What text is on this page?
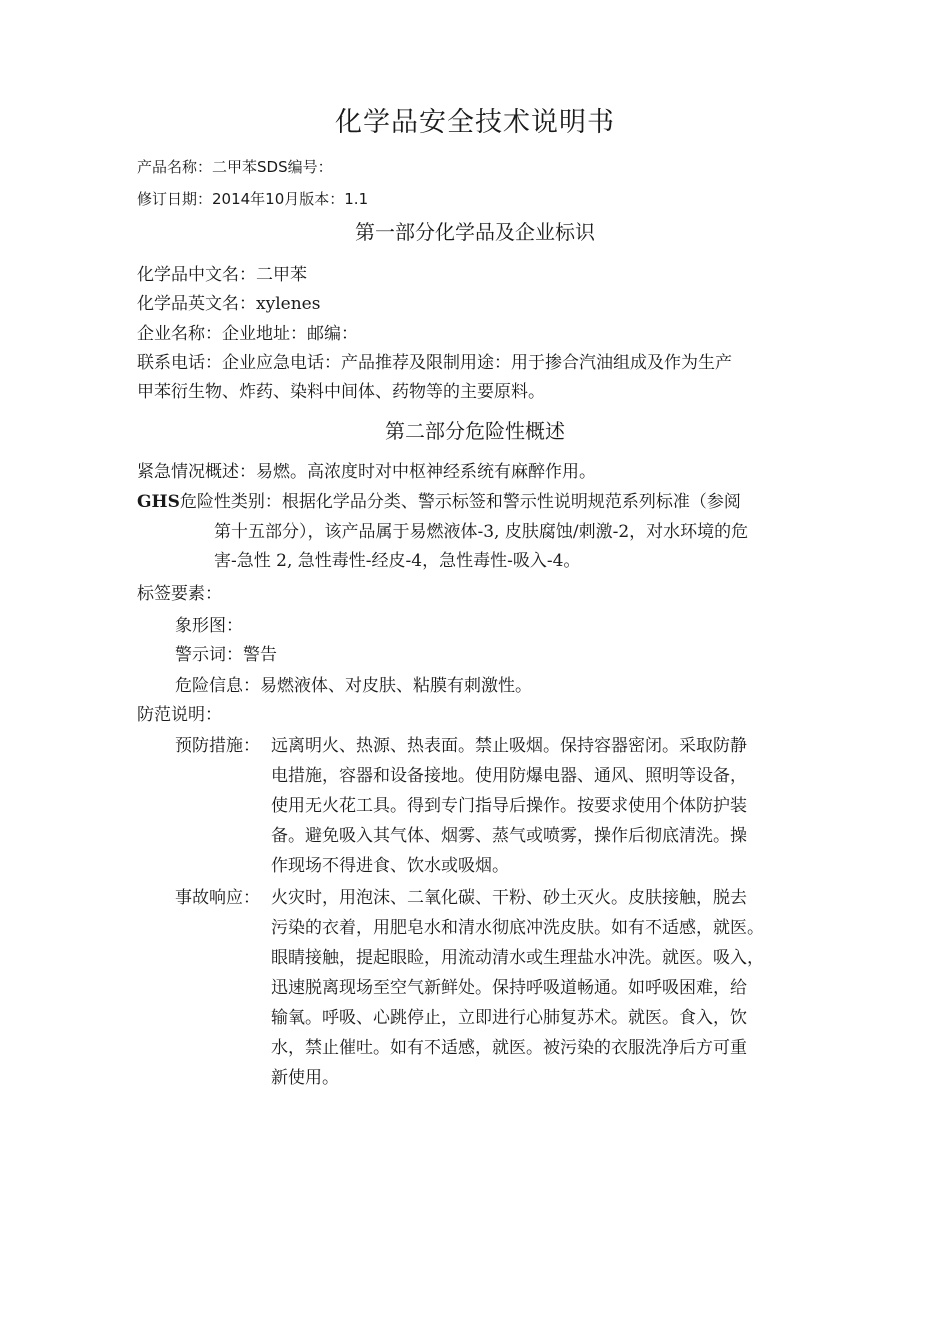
化学品安全技术说明书
产品名称：二甲苯SDS编号：
修订日期：2014年10月版本：1.1
第一部分化学品及企业标识
化学品中文名：二甲苯
化学品英文名：xylenes
企业名称：企业地址：邮编：
联系电话：企业应急电话：产品推荐及限制用途：用于掺合汽油组成及作为生产
甲苯衍生物、炸药、染料中间体、药物等的主要原料。
第二部分危险性概述
紧急情况概述：易燃。高浓度时对中枢神经系统有麻醉作用。
GHS危险性类别：根据化学品分类、警示标签和警示性说明规范系列标准（参阅
第十五部分），该产品属于易燃液体-3, 皮肤腐蚀/刺激-2，对水环境的危
害-急性 2, 急性毒性-经皮-4，急性毒性-吸入-4。
标签要素：
象形图：
警示词：警告
危险信息：易燃液体、对皮肤、粘膜有刺激性。
防范说明：
预防措施： 远离明火、热源、热表面。禁止吸烟。保持容器密闭。采取防静
电措施，容器和设备接地。使用防爆电器、通风、照明等设备，
使用无火花工具。得到专门指导后操作。按要求使用个体防护装
备。避免吸入其气体、烟雾、蒸气或喷雾，操作后彻底清洗。操
作现场不得进食、饮水或吸烟。
事故响应： 火灾时，用泡沫、二氧化碳、干粉、砂土灭火。皮肤接触，脱去
污染的衣着，用肥皂水和清水彻底冲洗皮肤。如有不适感，就医。
眼睛接触，提起眼睑，用流动清水或生理盐水冲洗。就医。吸入，
迅速脱离现场至空气新鲜处。保持呼吸道畅通。如呼吸困难，给
输氧。呼吸、心跳停止，立即进行心肺复苏术。就医。食入，饮
水，禁止催吐。如有不适感，就医。被污染的衣服洗净后方可重
新使用。
